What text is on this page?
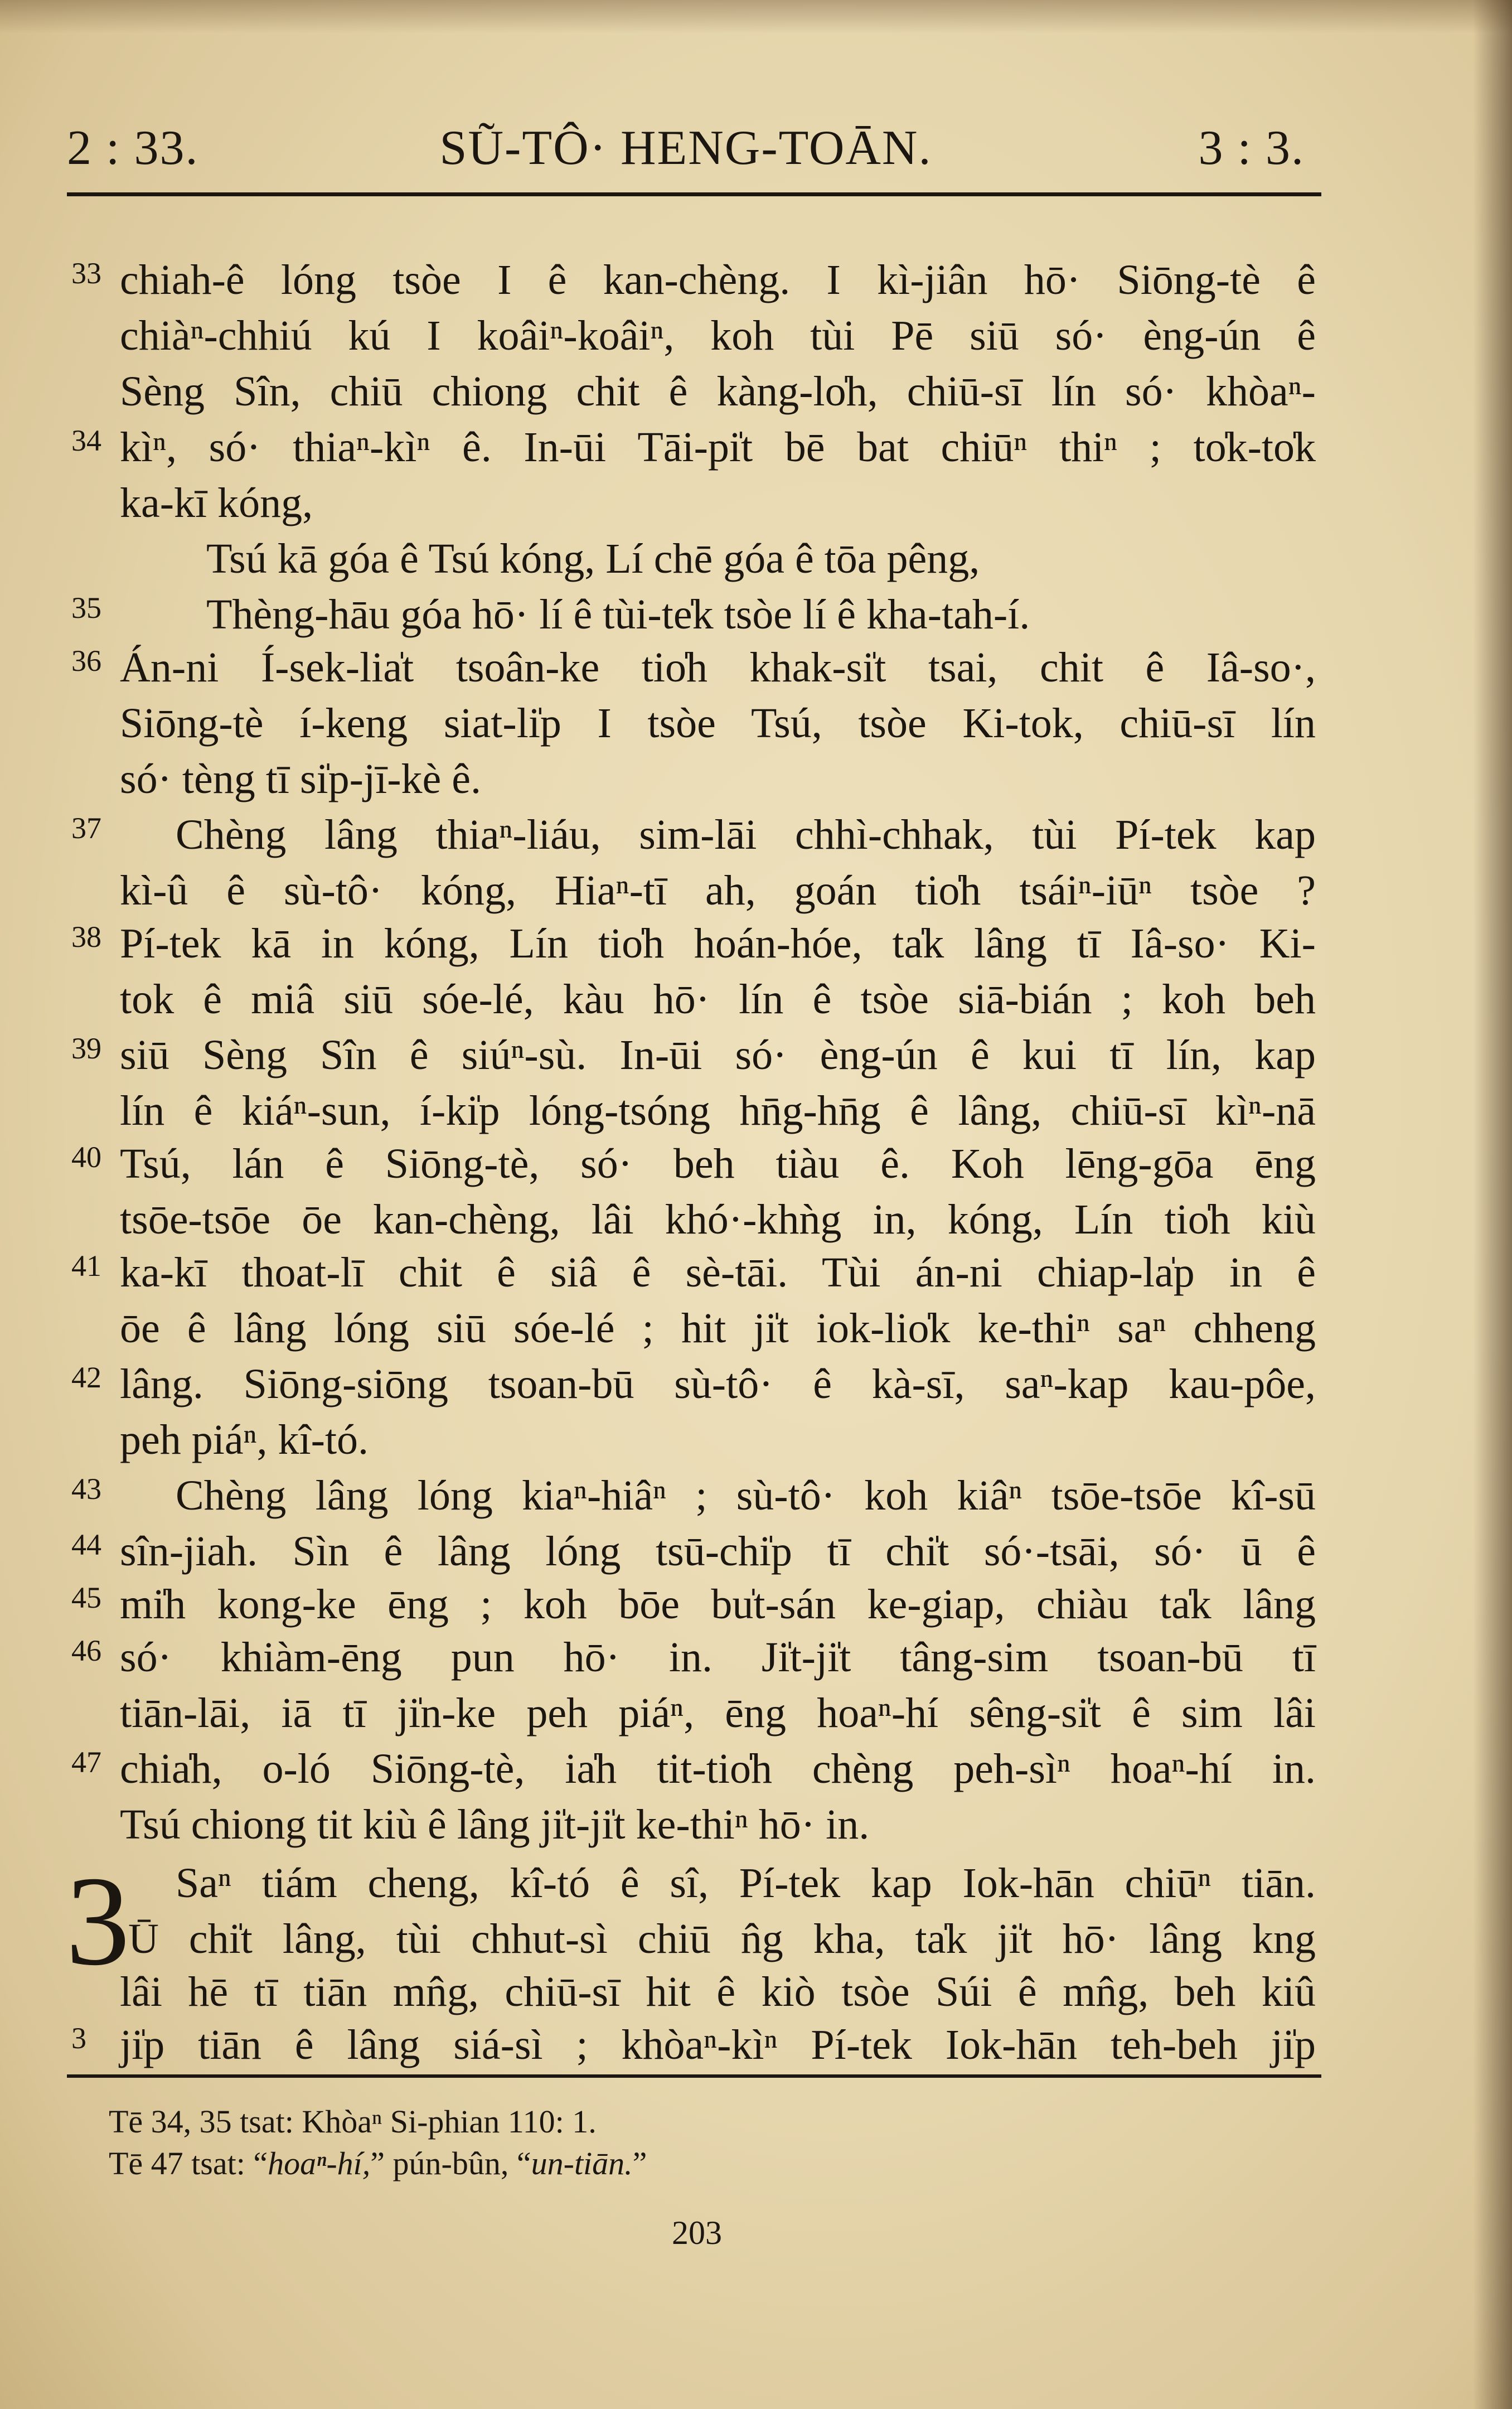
2 : 33.	SŨ-TÔ· HENG-TOĀN.	3 : 3.
33
34
35
36
37
38
39
40
41
42
43
44
45
46
47
3
3
chiah-ê lóng tsòe I ê kan-chèng. I kì-jiân hō· Siōng-tè ê
chiàⁿ-chhiú kú I koâiⁿ-koâiⁿ, koh tùi Pē siū só· èng-ún ê
Sèng Sîn, chiū chiong chit ê kàng-lo̍h, chiū-sī lín só· khòaⁿ-
kìⁿ, só· thiaⁿ-kìⁿ ê. In-ūi Tāi-pi̍t bē bat chiūⁿ thiⁿ ; to̍k-to̍k
ka-kī kóng,
Tsú kā góa ê Tsú kóng, Lí chē góa ê tōa pêng,
Thèng-hāu góa hō· lí ê tùi-te̍k tsòe lí ê kha-tah-í.
Án-ni Í-sek-lia̍t tsoân-ke tio̍h khak-si̍t tsai, chit ê Iâ-so·,
Siōng-tè í-keng siat-li̍p I tsòe Tsú, tsòe Ki-tok, chiū-sī lín
só· tèng tī si̍p-jī-kè ê.
Chèng lâng thiaⁿ-liáu, sim-lāi chhì-chhak, tùi Pí-tek kap
kì-û ê sù-tô· kóng, Hiaⁿ-tī ah, goán tio̍h tsáiⁿ-iūⁿ tsòe ?
Pí-tek kā in kóng, Lín tio̍h hoán-hóe, ta̍k lâng tī Iâ-so· Ki-
tok ê miâ siū sóe-lé, kàu hō· lín ê tsòe siā-bián ; koh beh
siū Sèng Sîn ê siúⁿ-sù. In-ūi só· èng-ún ê kui tī lín, kap
lín ê kiáⁿ-sun, í-ki̍p lóng-tsóng hn̄g-hn̄g ê lâng, chiū-sī kìⁿ-nā
Tsú, lán ê Siōng-tè, só· beh tiàu ê. Koh lēng-gōa ēng
tsōe-tsōe ōe kan-chèng, lâi khó·-khǹg in, kóng, Lín tio̍h kiù
ka-kī thoat-lī chit ê siâ ê sè-tāi. Tùi án-ni chiap-la̍p in ê
ōe ê lâng lóng siū sóe-lé ; hit ji̍t iok-lio̍k ke-thiⁿ saⁿ chheng
lâng. Siōng-siōng tsoan-bū sù-tô· ê kà-sī, saⁿ-kap kau-pôe,
peh piáⁿ, kî-tó.
Chèng lâng lóng kiaⁿ-hiâⁿ ; sù-tô· koh kiâⁿ tsōe-tsōe kî-sū
sîn-jiah. Sìn ê lâng lóng tsū-chi̍p tī chi̍t só·-tsāi, só· ū ê
mi̍h kong-ke ēng ; koh bōe bu̍t-sán ke-giap, chiàu ta̍k lâng
só· khiàm-ēng pun hō· in. Ji̍t-ji̍t tâng-sim tsoan-bū tī
tiān-lāi, iā tī ji̍n-ke peh piáⁿ, ēng hoaⁿ-hí sêng-si̍t ê sim lâi
chia̍h, o-ló Siōng-tè, ia̍h tit-tio̍h chèng peh-sìⁿ hoaⁿ-hí in.
Tsú chiong tit kiù ê lâng ji̍t-ji̍t ke-thiⁿ hō· in.
Saⁿ tiám cheng, kî-tó ê sî, Pí-tek kap Iok-hān chiūⁿ tiān.
Ū chi̍t lâng, tùi chhut-sì chiū n̂g kha, ta̍k ji̍t hō· lâng kng
lâi hē tī tiān mn̂g, chiū-sī hit ê kiò tsòe Súi ê mn̂g, beh kiû
ji̍p tiān ê lâng siá-sì ; khòaⁿ-kìⁿ Pí-tek Iok-hān teh-beh ji̍p
Tē 34, 35 tsat: Khòaⁿ Si-phian 110: 1.
Tē 47 tsat: “hoaⁿ-hí,” pún-bûn, “un-tiān.”
203
